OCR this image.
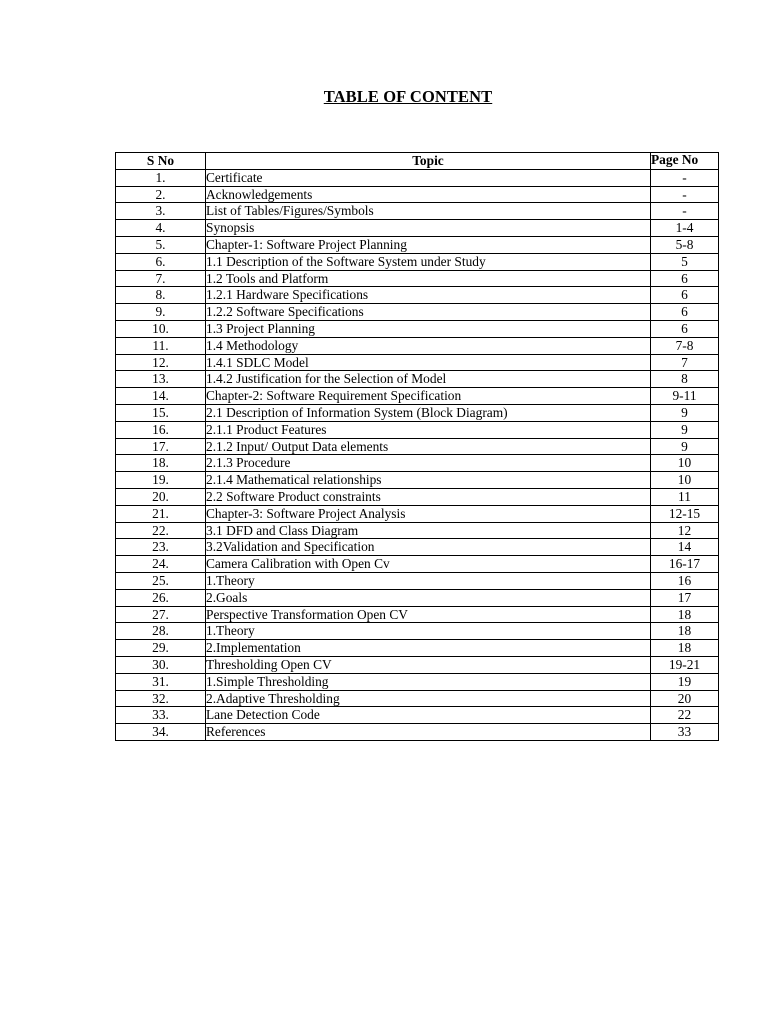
TABLE OF CONTENT
S No	Topic	Page No
1.	Certificate	-
2.	Acknowledgements	-
3.	List of Tables/Figures/Symbols	-
4.	Synopsis	1-4
5.	Chapter-1: Software Project Planning	5-8
6.	1.1 Description of the Software System under Study	5
7.	1.2 Tools and Platform	6
8.	1.2.1 Hardware Specifications	6
9.	1.2.2 Software Specifications	6
10.	1.3 Project Planning	6
11.	1.4 Methodology	7-8
12.	1.4.1 SDLC Model	7
13.	1.4.2 Justification for the Selection of Model	8
14.	Chapter-2: Software Requirement Specification	9-11
15.	2.1 Description of Information System (Block Diagram)	9
16.	2.1.1 Product Features	9
17.	2.1.2 Input/ Output Data elements	9
18.	2.1.3 Procedure	10
19.	2.1.4 Mathematical relationships	10
20.	2.2 Software Product constraints	11
21.	Chapter-3: Software Project Analysis	12-15
22.	3.1 DFD and Class Diagram	12
23.	3.2Validation and Specification	14
24.	Camera Calibration with Open Cv	16-17
25.	1.Theory	16
26.	2.Goals	17
27.	Perspective Transformation Open CV	18
28.	1.Theory	18
29.	2.Implementation	18
30.	Thresholding Open CV	19-21
31.	1.Simple Thresholding	19
32.	2.Adaptive Thresholding	20
33.	Lane Detection Code	22
34.	References	33
